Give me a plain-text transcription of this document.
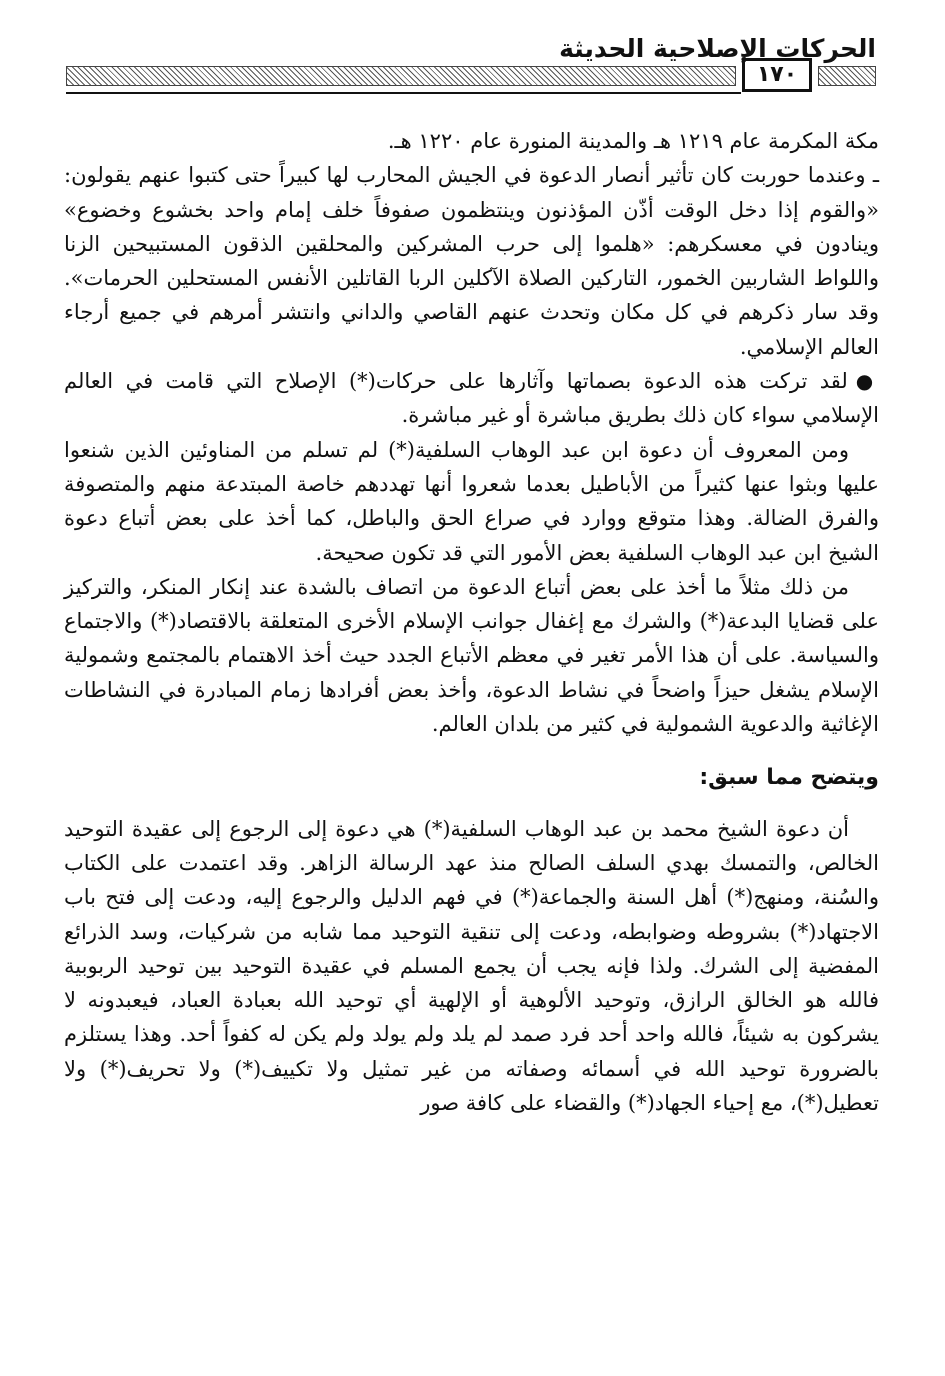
١٧٠
الحركات الإصلاحية الحديثة

مكة المكرمة عام ١٢١٩ هـ والمدينة المنورة عام ١٢٢٠ هـ.

ـ وعندما حوربت كان تأثير أنصار الدعوة في الجيش المحارب لها كبيراً حتى كتبوا عنهم يقولون: «والقوم إذا دخل الوقت أذّن المؤذنون وينتظمون صفوفاً خلف إمام واحد بخشوع وخضوع» وينادون في معسكرهم: «هلموا إلى حرب المشركين والمحلقين الذقون المستبيحين الزنا واللواط الشاربين الخمور، التاركين الصلاة الآكلين الربا القاتلين الأنفس المستحلين الحرمات». وقد سار ذكرهم في كل مكان وتحدث عنهم القاصي والداني وانتشر أمرهم في جميع أرجاء العالم الإسلامي.

●لقد تركت هذه الدعوة بصماتها وآثارها على حركات(*) الإصلاح التي قامت في العالم الإسلامي سواء كان ذلك بطريق مباشرة أو غير مباشرة.

ومن المعروف أن دعوة ابن عبد الوهاب السلفية(*) لم تسلم من المناوئين الذين شنعوا عليها وبثوا عنها كثيراً من الأباطيل بعدما شعروا أنها تهددهم خاصة المبتدعة منهم والمتصوفة والفرق الضالة. وهذا متوقع ووارد في صراع الحق والباطل، كما أخذ على بعض أتباع دعوة الشيخ ابن عبد الوهاب السلفية بعض الأمور التي قد تكون صحيحة.

من ذلك مثلاً ما أخذ على بعض أتباع الدعوة من اتصاف بالشدة عند إنكار المنكر، والتركيز على قضايا البدعة(*) والشرك مع إغفال جوانب الإسلام الأخرى المتعلقة بالاقتصاد(*) والاجتماع والسياسة. على أن هذا الأمر تغير في معظم الأتباع الجدد حيث أخذ الاهتمام بالمجتمع وشمولية الإسلام يشغل حيزاً واضحاً في نشاط الدعوة، وأخذ بعض أفرادها زمام المبادرة في النشاطات الإغاثية والدعوية الشمولية في كثير من بلدان العالم.

ويتضح مما سبق:

أن دعوة الشيخ محمد بن عبد الوهاب السلفية(*) هي دعوة إلى الرجوع إلى عقيدة التوحيد الخالص، والتمسك بهدي السلف الصالح منذ عهد الرسالة الزاهر. وقد اعتمدت على الكتاب والسُنة، ومنهج(*) أهل السنة والجماعة(*) في فهم الدليل والرجوع إليه، ودعت إلى فتح باب الاجتهاد(*) بشروطه وضوابطه، ودعت إلى تنقية التوحيد مما شابه من شركيات، وسد الذرائع المفضية إلى الشرك. ولذا فإنه يجب أن يجمع المسلم في عقيدة التوحيد بين توحيد الربوبية فالله هو الخالق الرازق، وتوحيد الألوهية أو الإلهية أي توحيد الله بعبادة العباد، فيعبدونه لا يشركون به شيئاً، فالله واحد أحد فرد صمد لم يلد ولم يولد ولم يكن له كفواً أحد. وهذا يستلزم بالضرورة توحيد الله في أسمائه وصفاته من غير تمثيل ولا تكييف(*) ولا تحريف(*) ولا تعطيل(*)، مع إحياء الجهاد(*) والقضاء على كافة صور
